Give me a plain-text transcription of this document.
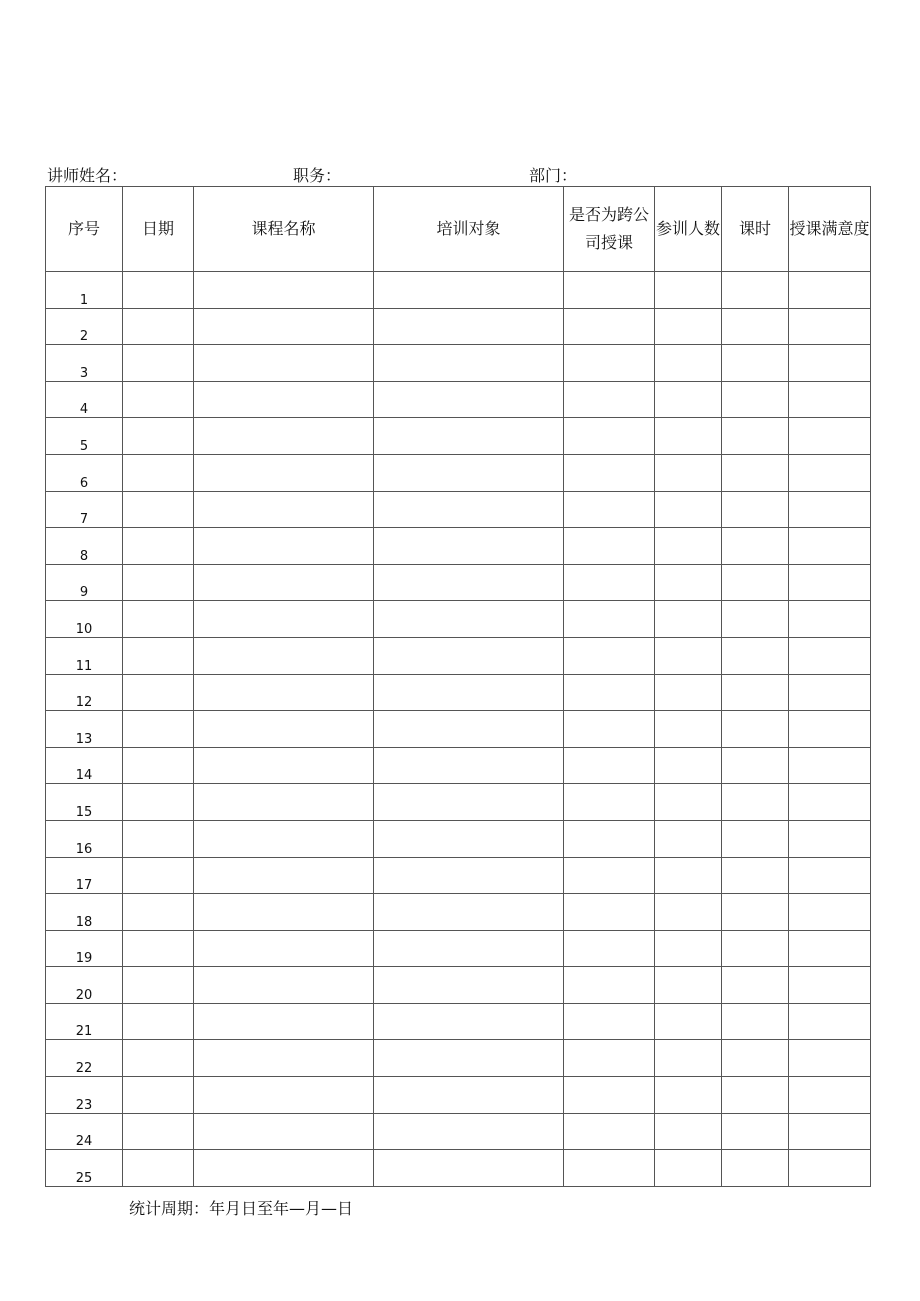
讲师姓名：	职务：	部门：
序号	日期	课程名称	培训对象	是否为跨公司授课	参训人数	课时	授课满意度
1							
2							
3							
4							
5							
6							
7							
8							
9							
10							
11							
12							
13							
14							
15							
16							
17							
18							
19							
20							
21							
22							
23							
24							
25							
统计周期：年月日至年—月—日
